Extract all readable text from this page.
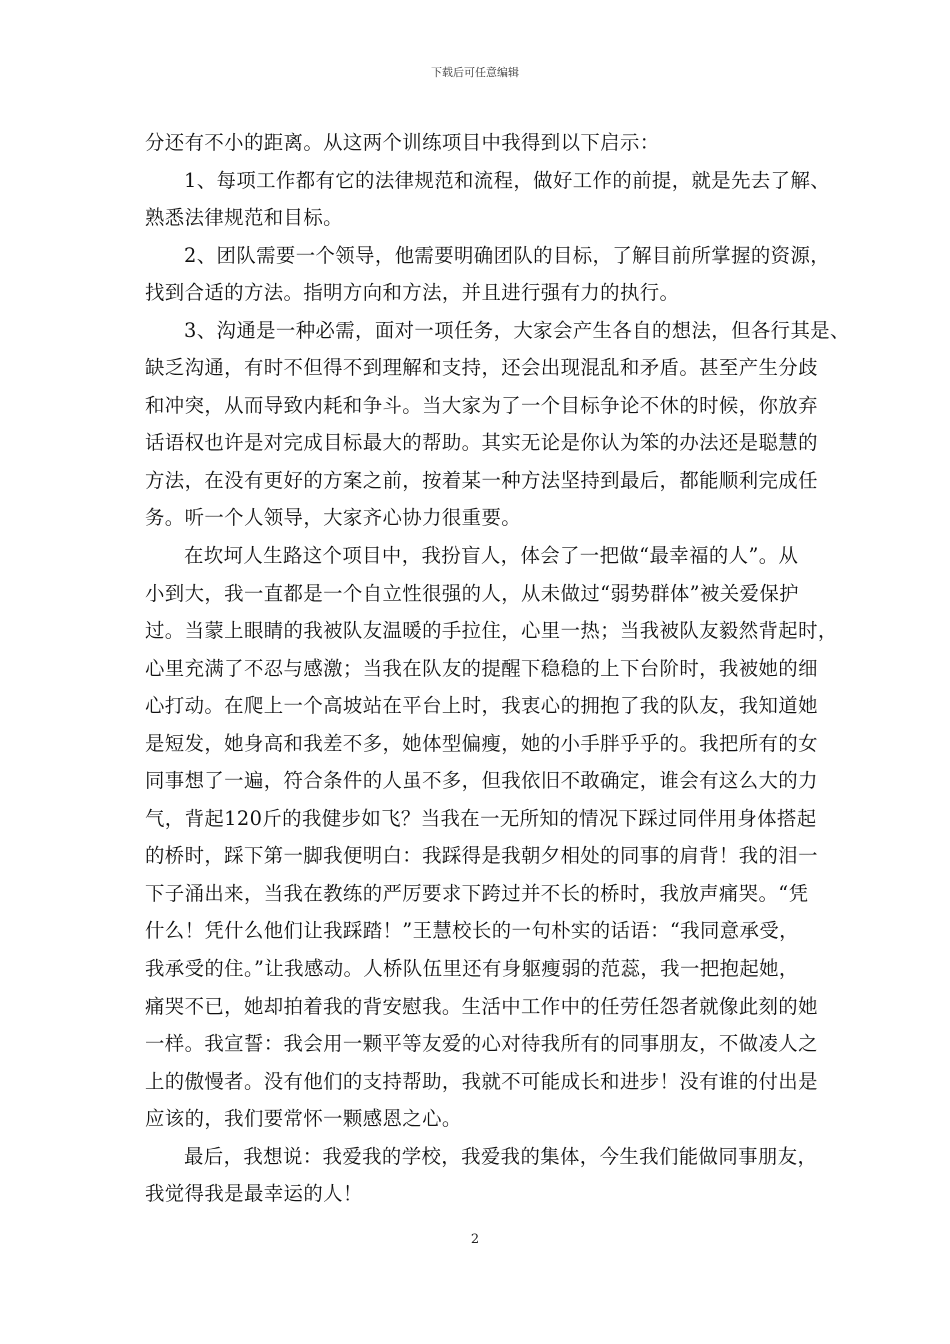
下载后可任意编辑
分还有不小的距离。从这两个训练项目中我得到以下启示：
1、每项工作都有它的法律规范和流程，做好工作的前提，就是先去了解、
熟悉法律规范和目标。
2、团队需要一个领导，他需要明确团队的目标，了解目前所掌握的资源，
找到合适的方法。指明方向和方法，并且进行强有力的执行。
3、沟通是一种必需，面对一项任务，大家会产生各自的想法，但各行其是、
缺乏沟通，有时不但得不到理解和支持，还会出现混乱和矛盾。甚至产生分歧
和冲突，从而导致内耗和争斗。当大家为了一个目标争论不休的时候，你放弃
话语权也许是对完成目标最大的帮助。其实无论是你认为笨的办法还是聪慧的
方法，在没有更好的方案之前，按着某一种方法坚持到最后，都能顺利完成任
务。听一个人领导，大家齐心协力很重要。
在坎坷人生路这个项目中，我扮盲人，体会了一把做“最幸福的人”。从
小到大，我一直都是一个自立性很强的人，从未做过“弱势群体”被关爱保护
过。当蒙上眼睛的我被队友温暖的手拉住，心里一热；当我被队友毅然背起时，
心里充满了不忍与感激；当我在队友的提醒下稳稳的上下台阶时，我被她的细
心打动。在爬上一个高坡站在平台上时，我衷心的拥抱了我的队友，我知道她
是短发，她身高和我差不多，她体型偏瘦，她的小手胖乎乎的。我把所有的女
同事想了一遍，符合条件的人虽不多，但我依旧不敢确定，谁会有这么大的力
气，背起120斤的我健步如飞？当我在一无所知的情况下踩过同伴用身体搭起
的桥时，踩下第一脚我便明白：我踩得是我朝夕相处的同事的肩背！我的泪一
下子涌出来，当我在教练的严厉要求下跨过并不长的桥时，我放声痛哭。“凭
什么！凭什么他们让我踩踏！”王慧校长的一句朴实的话语：“我同意承受，
我承受的住。”让我感动。人桥队伍里还有身躯瘦弱的范蕊，我一把抱起她，
痛哭不已，她却拍着我的背安慰我。生活中工作中的任劳任怨者就像此刻的她
一样。我宣誓：我会用一颗平等友爱的心对待我所有的同事朋友，不做凌人之
上的傲慢者。没有他们的支持帮助，我就不可能成长和进步！没有谁的付出是
应该的，我们要常怀一颗感恩之心。
最后，我想说：我爱我的学校，我爱我的集体，今生我们能做同事朋友，
我觉得我是最幸运的人！
2
